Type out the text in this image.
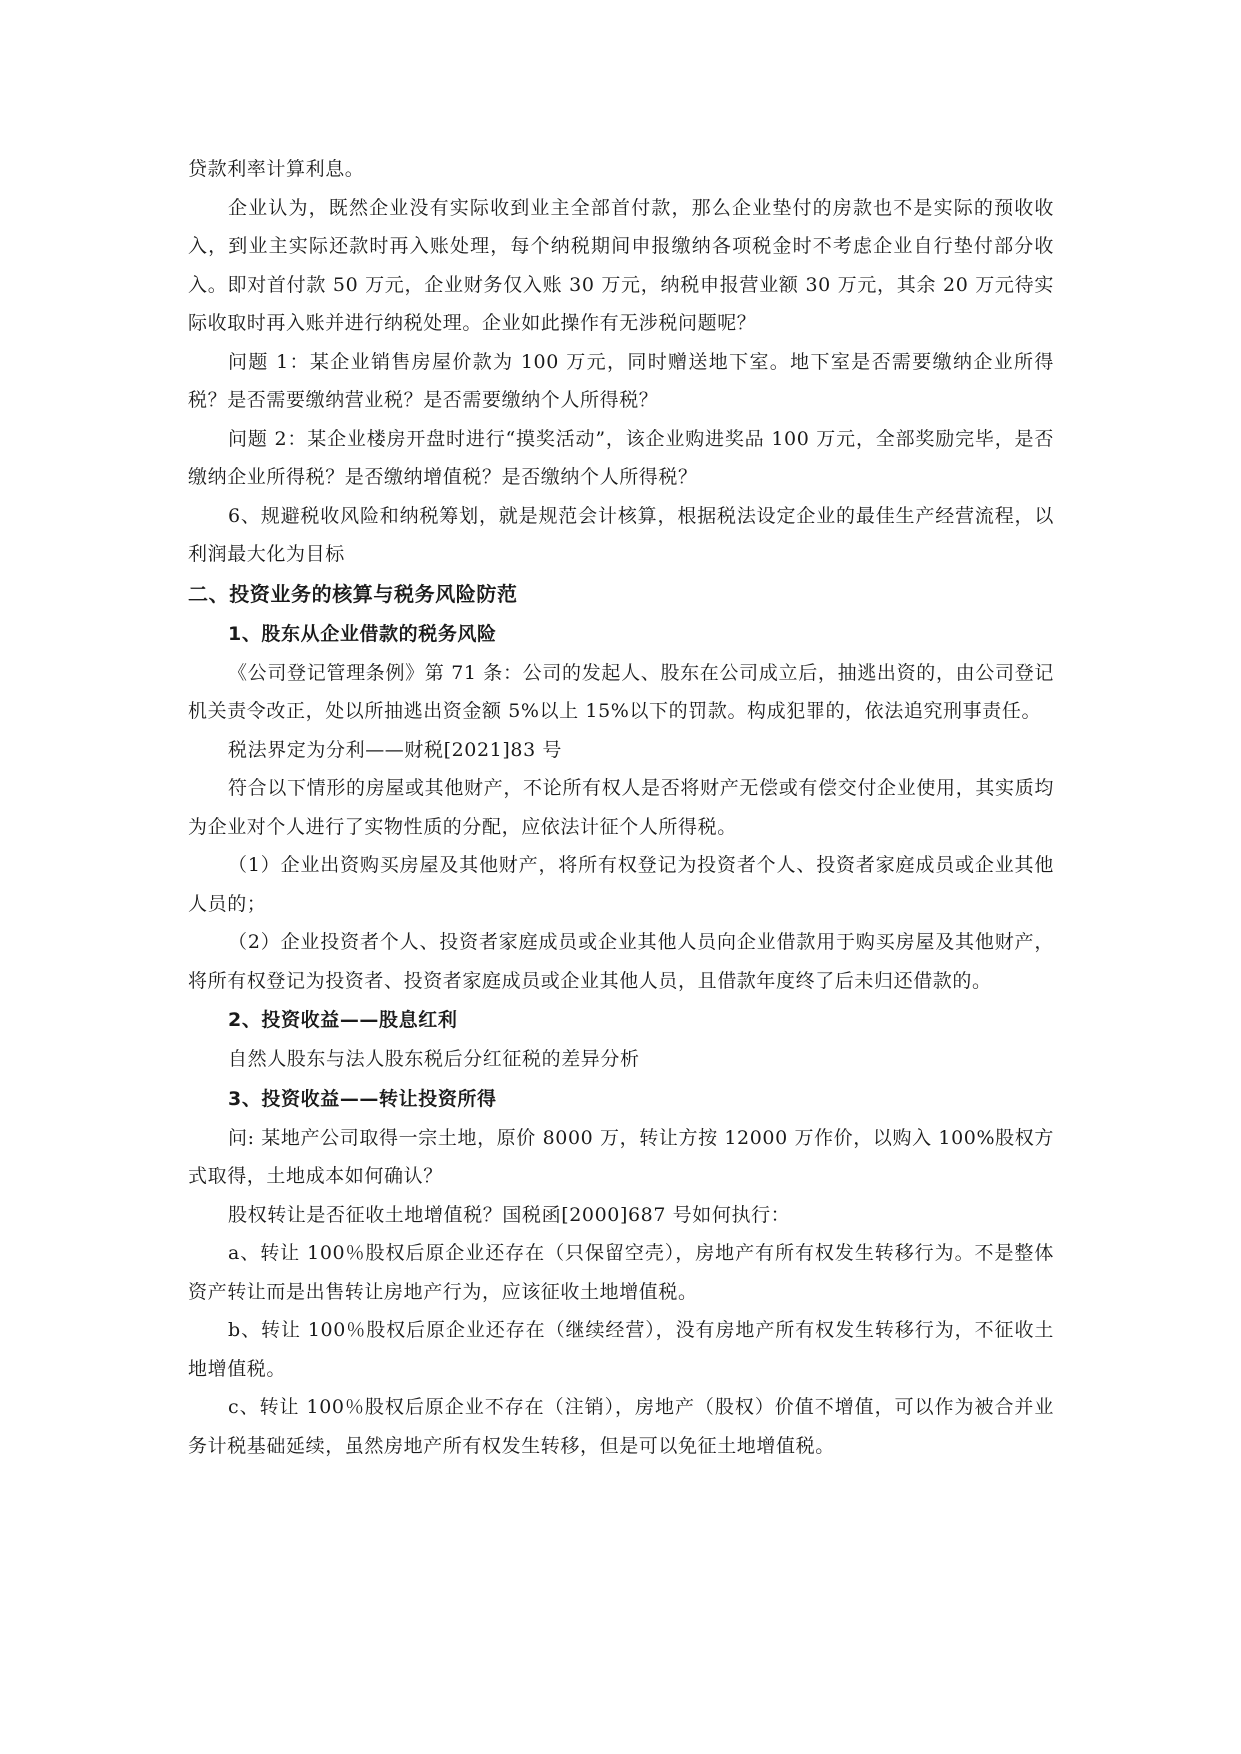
贷款利率计算利息。

企业认为，既然企业没有实际收到业主全部首付款，那么企业垫付的房款也不是实际的预收收入，到业主实际还款时再入账处理，每个纳税期间申报缴纳各项税金时不考虑企业自行垫付部分收入。即对首付款 50 万元，企业财务仅入账 30 万元，纳税申报营业额 30 万元，其余 20 万元待实际收取时再入账并进行纳税处理。企业如此操作有无涉税问题呢？

问题 1：某企业销售房屋价款为 100 万元，同时赠送地下室。地下室是否需要缴纳企业所得税？是否需要缴纳营业税？是否需要缴纳个人所得税？

问题 2：某企业楼房开盘时进行“摸奖活动”，该企业购进奖品 100 万元，全部奖励完毕，是否缴纳企业所得税？是否缴纳增值税？是否缴纳个人所得税？

6、规避税收风险和纳税筹划，就是规范会计核算，根据税法设定企业的最佳生产经营流程，以利润最大化为目标

二、投资业务的核算与税务风险防范
1、股东从企业借款的税务风险

《公司登记管理条例》第 71 条：公司的发起人、股东在公司成立后，抽逃出资的，由公司登记机关责令改正，处以所抽逃出资金额 5%以上 15%以下的罚款。构成犯罪的，依法追究刑事责任。

税法界定为分利——财税[2021]83 号

符合以下情形的房屋或其他财产，不论所有权人是否将财产无偿或有偿交付企业使用，其实质均为企业对个人进行了实物性质的分配，应依法计征个人所得税。

（1）企业出资购买房屋及其他财产，将所有权登记为投资者个人、投资者家庭成员或企业其他人员的；

（2）企业投资者个人、投资者家庭成员或企业其他人员向企业借款用于购买房屋及其他财产，将所有权登记为投资者、投资者家庭成员或企业其他人员，且借款年度终了后未归还借款的。

2、投资收益——股息红利

自然人股东与法人股东税后分红征税的差异分析

3、投资收益——转让投资所得

问: 某地产公司取得一宗土地，原价 8000 万，转让方按 12000 万作价，以购入 100%股权方式取得，土地成本如何确认？

股权转让是否征收土地增值税？国税函[2000]687 号如何执行：

a、转让 100％股权后原企业还存在（只保留空壳），房地产有所有权发生转移行为。不是整体资产转让而是出售转让房地产行为，应该征收土地增值税。

b、转让 100％股权后原企业还存在（继续经营），没有房地产所有权发生转移行为，不征收土地增值税。

c、转让 100％股权后原企业不存在（注销），房地产（股权）价值不增值，可以作为被合并业务计税基础延续，虽然房地产所有权发生转移，但是可以免征土地增值税。
